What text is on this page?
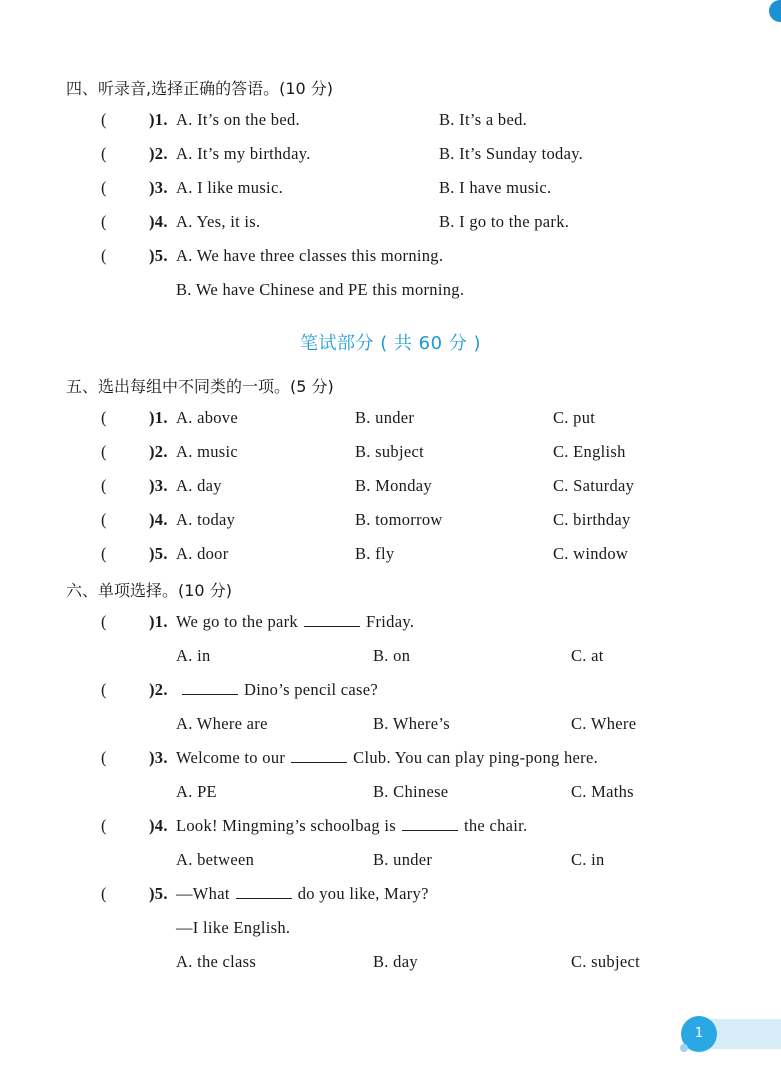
四、听录音,选择正确的答语。(10 分)
(	)1. A. It’s on the bed.	B. It’s a bed.
(	)2. A. It’s my birthday.	B. It’s Sunday today.
(	)3. A. I like music.	B. I have music.
(	)4. A. Yes, it is.	B. I go to the park.
(	)5. A. We have three classes this morning.
B. We have Chinese and PE this morning.
笔试部分 ( 共 60 分 )
五、选出每组中不同类的一项。(5 分)
(	)1. A. above	B. under	C. put
(	)2. A. music	B. subject	C. English
(	)3. A. day	B. Monday	C. Saturday
(	)4. A. today	B. tomorrow	C. birthday
(	)5. A. door	B. fly	C. window
六、单项选择。(10 分)
(	)1. We go to the park	Friday.
A. in	B. on	C. at
(	)2.	Dino’s pencil case?
A. Where are	B. Where’s	C. Where
(	)3. Welcome to our	Club. You can play ping-pong here.
A. PE	B. Chinese	C. Maths
(	)4. Look! Mingming’s schoolbag is	the chair.
A. between	B. under	C. in
(	)5. —What	do you like, Mary?
—I like English.
A. the class	B. day	C. subject
1
